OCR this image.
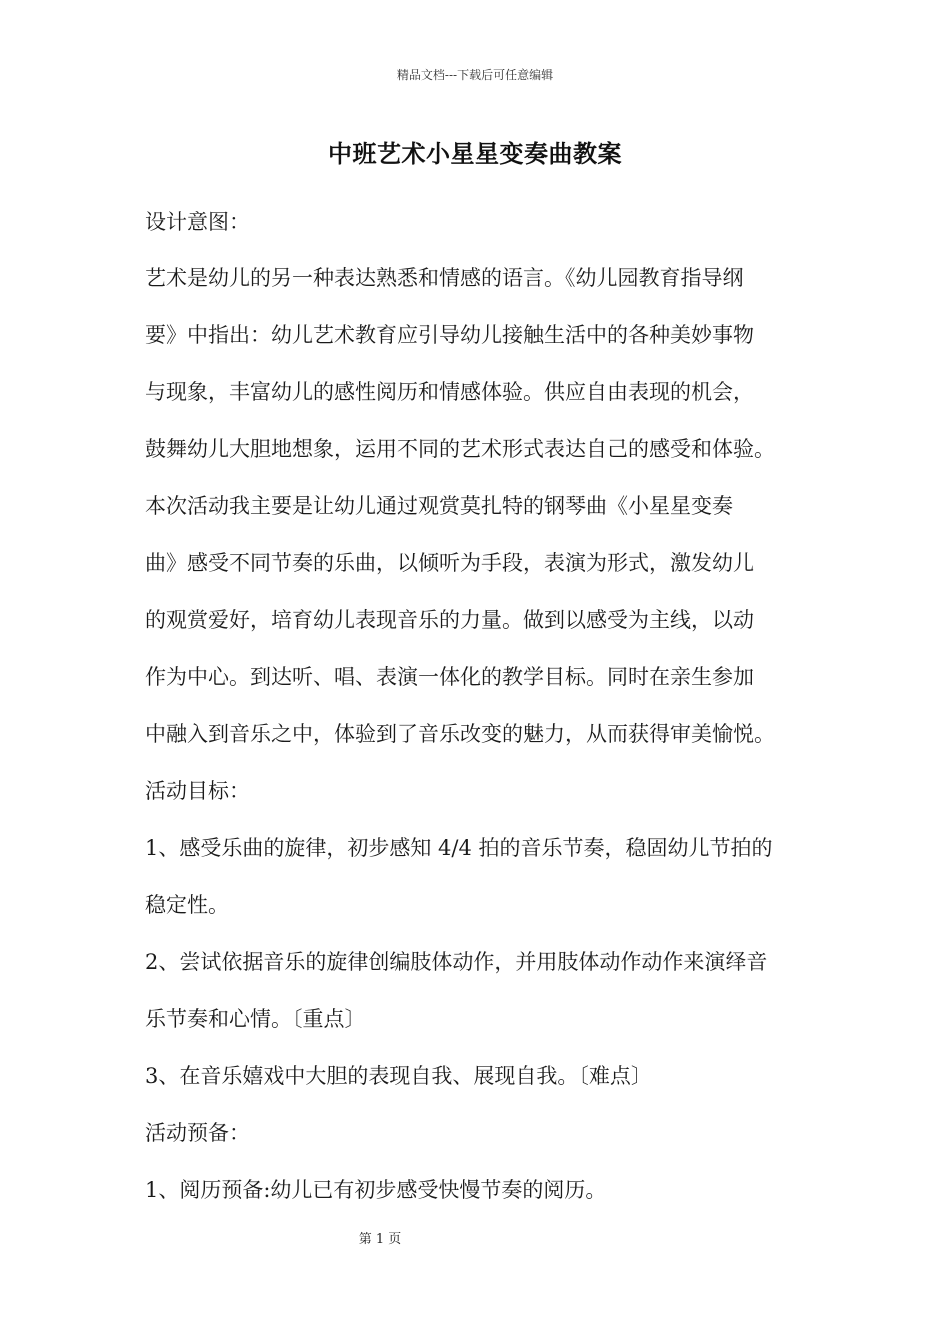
精品文档---下载后可任意编辑
中班艺术小星星变奏曲教案
设计意图：
艺术是幼儿的另一种表达熟悉和情感的语言。《幼儿园教育指导纲
要》中指出：幼儿艺术教育应引导幼儿接触生活中的各种美妙事物
与现象，丰富幼儿的感性阅历和情感体验。供应自由表现的机会，
鼓舞幼儿大胆地想象，运用不同的艺术形式表达自己的感受和体验。
本次活动我主要是让幼儿通过观赏莫扎特的钢琴曲《小星星变奏
曲》感受不同节奏的乐曲，以倾听为手段，表演为形式，激发幼儿
的观赏爱好，培育幼儿表现音乐的力量。做到以感受为主线，以动
作为中心。到达听、唱、表演一体化的教学目标。同时在亲生参加
中融入到音乐之中，体验到了音乐改变的魅力，从而获得审美愉悦。
活动目标：
1、感受乐曲的旋律，初步感知 4/4 拍的音乐节奏，稳固幼儿节拍的
稳定性。
2、尝试依据音乐的旋律创编肢体动作，并用肢体动作动作来演绎音
乐节奏和心情。〔重点〕
3、在音乐嬉戏中大胆的表现自我、展现自我。〔难点〕
活动预备：
1、阅历预备:幼儿已有初步感受快慢节奏的阅历。
第 1 页
